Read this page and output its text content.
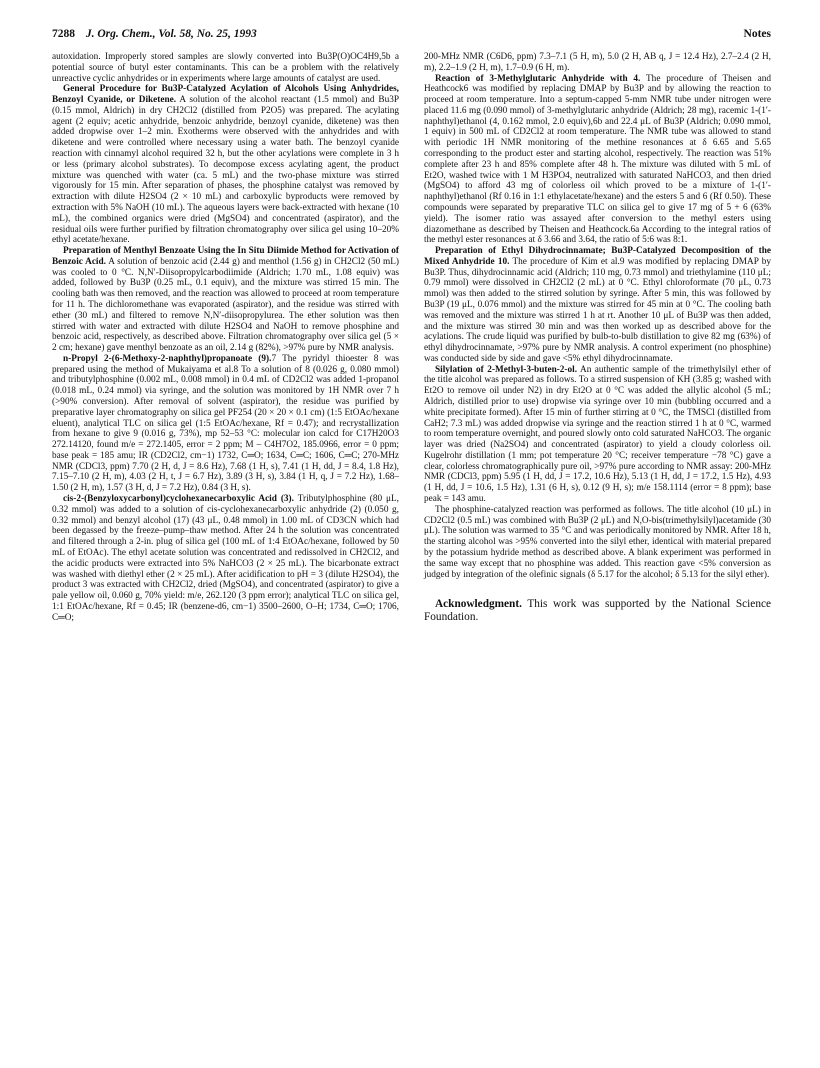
7288 J. Org. Chem., Vol. 58, No. 25, 1993	Notes

autoxidation. Improperly stored samples are slowly converted into Bu3P(O)OC4H9,5b a potential source of butyl ester contaminants. This can be a problem with the relatively unreactive cyclic anhydrides or in experiments where large amounts of catalyst are used.

General Procedure for Bu3P-Catalyzed Acylation of Alcohols Using Anhydrides, Benzoyl Cyanide, or Diketene. A solution of the alcohol reactant (1.5 mmol) and Bu3P (0.15 mmol, Aldrich) in dry CH2Cl2 (distilled from P2O5) was prepared. The acylating agent (2 equiv; acetic anhydride, benzoic anhydride, benzoyl cyanide, diketene) was then added dropwise over 1–2 min. Exotherms were observed with the anhydrides and with diketene and were controlled where necessary using a water bath. The benzoyl cyanide reaction with cinnamyl alcohol required 32 h, but the other acylations were complete in 3 h or less (primary alcohol substrates). To decompose excess acylating agent, the product mixture was quenched with water (ca. 5 mL) and the two-phase mixture was stirred vigorously for 15 min. After separation of phases, the phosphine catalyst was removed by extraction with dilute H2SO4 (2 × 10 mL) and carboxylic byproducts were removed by extraction with 5% NaOH (10 mL). The aqueous layers were back-extracted with hexane (10 mL), the combined organics were dried (MgSO4) and concentrated (aspirator), and the residual oils were further purified by filtration chromatography over silica gel using 10–20% ethyl acetate/hexane.

Preparation of Menthyl Benzoate Using the In Situ Diimide Method for Activation of Benzoic Acid. A solution of benzoic acid (2.44 g) and menthol (1.56 g) in CH2Cl2 (50 mL) was cooled to 0 °C. N,N′-Diisopropylcarbodiimide (Aldrich; 1.70 mL, 1.08 equiv) was added, followed by Bu3P (0.25 mL, 0.1 equiv), and the mixture was stirred 15 min. The cooling bath was then removed, and the reaction was allowed to proceed at room temperature for 11 h. The dichloromethane was evaporated (aspirator), and the residue was stirred with ether (30 mL) and filtered to remove N,N′-diisopropylurea. The ether solution was then stirred with water and extracted with dilute H2SO4 and NaOH to remove phosphine and benzoic acid, respectively, as described above. Filtration chromatography over silica gel (5 × 2 cm; hexane) gave menthyl benzoate as an oil, 2.14 g (82%), >97% pure by NMR analysis.

n-Propyl 2-(6-Methoxy-2-naphthyl)propanoate (9).7 The pyridyl thioester 8 was prepared using the method of Mukaiyama et al.8 To a solution of 8 (0.026 g, 0.080 mmol) and tributylphosphine (0.002 mL, 0.008 mmol) in 0.4 mL of CD2Cl2 was added 1-propanol (0.018 mL, 0.24 mmol) via syringe, and the solution was monitored by 1H NMR over 7 h (>90% conversion). After removal of solvent (aspirator), the residue was purified by preparative layer chromatography on silica gel PF254 (20 × 20 × 0.1 cm) (1:5 EtOAc/hexane eluent), analytical TLC on silica gel (1:5 EtOAc/hexane, Rf = 0.47); and recrystallization from hexane to give 9 (0.016 g, 73%), mp 52–53 °C: molecular ion calcd for C17H20O3 272.14120, found m/e = 272.1405, error = 2 ppm; M – C4H7O2, 185.0966, error = 0 ppm; base peak = 185 amu; IR (CD2Cl2, cm−1) 1732, C═O; 1634, C═C; 1606, C═C; 270-MHz NMR (CDCl3, ppm) 7.70 (2 H, d, J = 8.6 Hz), 7.68 (1 H, s), 7.41 (1 H, dd, J = 8.4, 1.8 Hz), 7.15–7.10 (2 H, m), 4.03 (2 H, t, J = 6.7 Hz), 3.89 (3 H, s), 3.84 (1 H, q, J = 7.2 Hz), 1.68–1.50 (2 H, m), 1.57 (3 H, d, J = 7.2 Hz), 0.84 (3 H, s).

cis-2-(Benzyloxycarbonyl)cyclohexanecarboxylic Acid (3). Tributylphosphine (80 μL, 0.32 mmol) was added to a solution of cis-cyclohexanecarboxylic anhydride (2) (0.050 g, 0.32 mmol) and benzyl alcohol (17) (43 μL, 0.48 mmol) in 1.00 mL of CD3CN which had been degassed by the freeze–pump–thaw method. After 24 h the solution was concentrated and filtered through a 2-in. plug of silica gel (100 mL of 1:4 EtOAc/hexane, followed by 50 mL of EtOAc). The ethyl acetate solution was concentrated and redissolved in CH2Cl2, and the acidic products were extracted into 5% NaHCO3 (2 × 25 mL). The bicarbonate extract was washed with diethyl ether (2 × 25 mL). After acidification to pH = 3 (dilute H2SO4), the product 3 was extracted with CH2Cl2, dried (MgSO4), and concentrated (aspirator) to give a pale yellow oil, 0.060 g, 70% yield: m/e, 262.120 (3 ppm error); analytical TLC on silica gel, 1:1 EtOAc/hexane, Rf = 0.45; IR (benzene-d6, cm−1) 3500–2600, O–H; 1734, C═O; 1706, C═O;

200-MHz NMR (C6D6, ppm) 7.3–7.1 (5 H, m), 5.0 (2 H, AB q, J = 12.4 Hz), 2.7–2.4 (2 H, m), 2.2–1.9 (2 H, m), 1.7–0.9 (6 H, m).

Reaction of 3-Methylglutaric Anhydride with 4. The procedure of Theisen and Heathcock6 was modified by replacing DMAP by Bu3P and by allowing the reaction to proceed at room temperature. Into a septum-capped 5-mm NMR tube under nitrogen were placed 11.6 mg (0.090 mmol) of 3-methylglutaric anhydride (Aldrich; 28 mg), racemic 1-(1′-naphthyl)ethanol (4, 0.162 mmol, 2.0 equiv),6b and 22.4 μL of Bu3P (Aldrich; 0.090 mmol, 1 equiv) in 500 mL of CD2Cl2 at room temperature. The NMR tube was allowed to stand with periodic 1H NMR monitoring of the methine resonances at δ 6.65 and 5.65 corresponding to the product ester and starting alcohol, respectively. The reaction was 51% complete after 23 h and 85% complete after 48 h. The mixture was diluted with 5 mL of Et2O, washed twice with 1 M H3PO4, neutralized with saturated NaHCO3, and then dried (MgSO4) to afford 43 mg of colorless oil which proved to be a mixture of 1-(1′-naphthyl)ethanol (Rf 0.16 in 1:1 ethylacetate/hexane) and the esters 5 and 6 (Rf 0.50). These compounds were separated by preparative TLC on silica gel to give 17 mg of 5 + 6 (63% yield). The isomer ratio was assayed after conversion to the methyl esters using diazomethane as described by Theisen and Heathcock.6a According to the integral ratios of the methyl ester resonances at δ 3.66 and 3.64, the ratio of 5:6 was 8:1.

Preparation of Ethyl Dihydrocinnamate; Bu3P-Catalyzed Decomposition of the Mixed Anhydride 10. The procedure of Kim et al.9 was modified by replacing DMAP by Bu3P. Thus, dihydrocinnamic acid (Aldrich; 110 mg, 0.73 mmol) and triethylamine (110 μL; 0.79 mmol) were dissolved in CH2Cl2 (2 mL) at 0 °C. Ethyl chloroformate (70 μL, 0.73 mmol) was then added to the stirred solution by syringe. After 5 min, this was followed by Bu3P (19 μL, 0.076 mmol) and the mixture was stirred for 45 min at 0 °C. The cooling bath was removed and the mixture was stirred 1 h at rt. Another 10 μL of Bu3P was then added, and the mixture was stirred 30 min and was then worked up as described above for the acylations. The crude liquid was purified by bulb-to-bulb distillation to give 82 mg (63%) of ethyl dihydrocinnamate, >97% pure by NMR analysis. A control experiment (no phosphine) was conducted side by side and gave <5% ethyl dihydrocinnamate.

Silylation of 2-Methyl-3-buten-2-ol. An authentic sample of the trimethylsilyl ether of the title alcohol was prepared as follows. To a stirred suspension of KH (3.85 g; washed with Et2O to remove oil under N2) in dry Et2O at 0 °C was added the allylic alcohol (5 mL; Aldrich, distilled prior to use) dropwise via syringe over 10 min (bubbling occurred and a white precipitate formed). After 15 min of further stirring at 0 °C, the TMSCl (distilled from CaH2; 7.3 mL) was added dropwise via syringe and the reaction stirred 1 h at 0 °C, warmed to room temperature overnight, and poured slowly onto cold saturated NaHCO3. The organic layer was dried (Na2SO4) and concentrated (aspirator) to yield a cloudy colorless oil. Kugelrohr distillation (1 mm; pot temperature 20 °C; receiver temperature −78 °C) gave a clear, colorless chromatographically pure oil, >97% pure according to NMR assay: 200-MHz NMR (CDCl3, ppm) 5.95 (1 H, dd, J = 17.2, 10.6 Hz), 5.13 (1 H, dd, J = 17.2, 1.5 Hz), 4.93 (1 H, dd, J = 10.6, 1.5 Hz), 1.31 (6 H, s), 0.12 (9 H, s); m/e 158.1114 (error = 8 ppm); base peak = 143 amu.

The phosphine-catalyzed reaction was performed as follows. The title alcohol (10 μL) in CD2Cl2 (0.5 mL) was combined with Bu3P (2 μL) and N,O-bis(trimethylsilyl)acetamide (30 μL). The solution was warmed to 35 °C and was periodically monitored by NMR. After 18 h, the starting alcohol was >95% converted into the silyl ether, identical with material prepared by the potassium hydride method as described above. A blank experiment was performed in the same way except that no phosphine was added. This reaction gave <5% conversion as judged by integration of the olefinic signals (δ 5.17 for the alcohol; δ 5.13 for the silyl ether).

Acknowledgment. This work was supported by the National Science Foundation.
